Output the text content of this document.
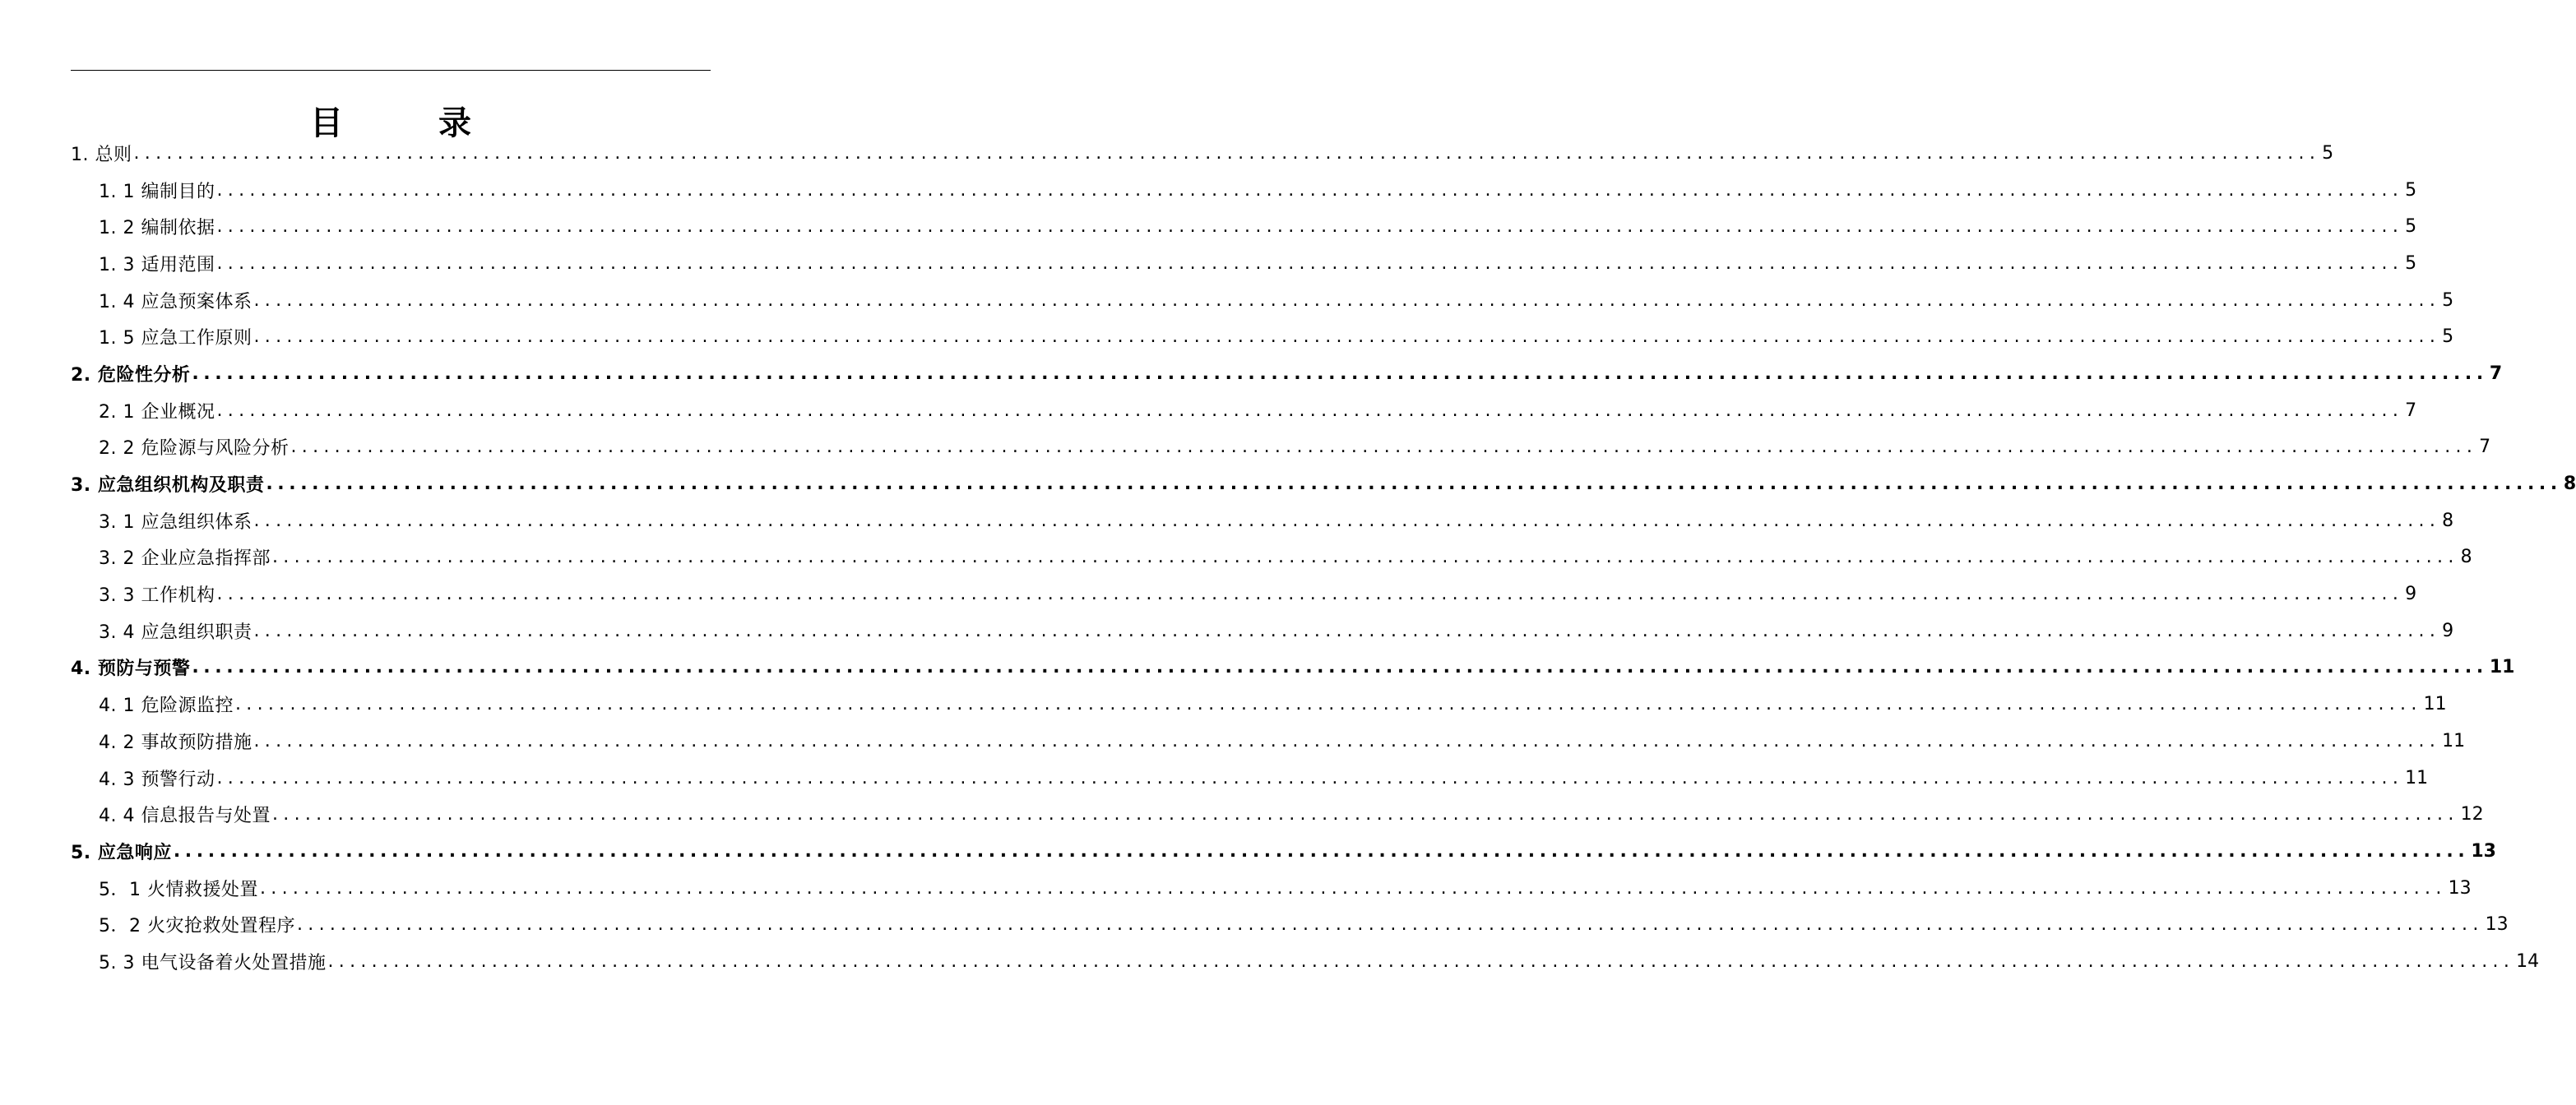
目　录
1. 总则 ........................................................................................................................................................................................................ 5
1. 1 编制目的 ........................................................................................................................................................................................................ 5
1. 2 编制依据 ........................................................................................................................................................................................................ 5
1. 3 适用范围 ........................................................................................................................................................................................................ 5
1. 4 应急预案体系 ........................................................................................................................................................................................................ 5
1. 5 应急工作原则 ........................................................................................................................................................................................................ 5
2. 危险性分析 ........................................................................................................................................................................................................ 7
2. 1 企业概况 ........................................................................................................................................................................................................ 7
2. 2 危险源与风险分析 ........................................................................................................................................................................................................ 7
3. 应急组织机构及职责 ........................................................................................................................................................................................................ 8
3. 1 应急组织体系 ........................................................................................................................................................................................................ 8
3. 2 企业应急指挥部 ........................................................................................................................................................................................................ 8
3. 3 工作机构 ........................................................................................................................................................................................................ 9
3. 4 应急组织职责 ........................................................................................................................................................................................................ 9
4. 预防与预警 ........................................................................................................................................................................................................ 11
4. 1 危险源监控 ........................................................................................................................................................................................................ 11
4. 2 事故预防措施 ........................................................................................................................................................................................................ 11
4. 3 预警行动 ........................................................................................................................................................................................................ 11
4. 4 信息报告与处置 ........................................................................................................................................................................................................ 12
5. 应急响应 ........................................................................................................................................................................................................ 13
5．1 火情救援处置 ........................................................................................................................................................................................................ 13
5．2 火灾抢救处置程序 ........................................................................................................................................................................................................ 13
5. 3 电气设备着火处置措施 ........................................................................................................................................................................................................ 14
